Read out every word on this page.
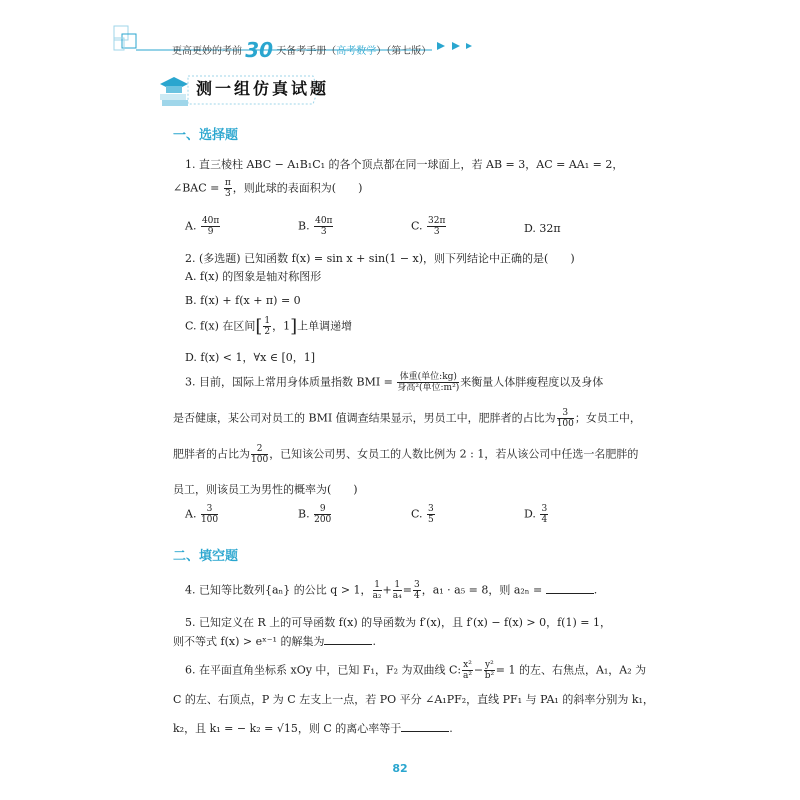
更高更妙的考前 30 天备考手册（高考数学）（第七版）
测一组仿真试题
一、选择题
1. 直三棱柱 ABC − A₁B₁C₁ 的各个顶点都在同一球面上，若 AB = 3，AC = AA₁ = 2，
∠BAC = $\frac{\pi}{3}$ ，则此球的表面积为(　　)
A. $\frac{40\pi}{9}$	B. $\frac{40\pi}{3}$	C. $\frac{32\pi}{3}$	D. 32π
2. (多选题) 已知函数 f(x) = sin x + sin(1 − x)，则下列结论中正确的是(　　)
A. f(x) 的图象是轴对称图形
B. f(x) + f(x + π) = 0
C. f(x) 在区间[ $\frac{1}{2}$ ，1]上单调递增
D. f(x) < 1，∀x ∈ [0，1]
3. 目前，国际上常用身体质量指数 BMI = 体重(单位:kg)
身高²(单位:m²) 来衡量人体胖瘦程度以及身体
是否健康，某公司对员工的 BMI 值调查结果显示，男员工中，肥胖者的占比为 $\frac{3}{100}$ ；女员工中，
肥胖者的占比为 $\frac{2}{100}$ ，已知该公司男、女员工的人数比例为 2 : 1，若从该公司中任选一名肥胖的
员工，则该员工为男性的概率为(　　)
A. $\frac{3}{100}$	B. $\frac{9}{200}$	C. $\frac{3}{5}$	D. $\frac{3}{4}$
二、填空题
4. 已知等比数列{aₙ} 的公比 q > 1， $\frac{1}{\text{a₂}} + \frac{1}{\text{a₄}} = \frac{3}{4}$ ，a₁ · a₅ = 8，则 a₂ₙ =	.
5. 已知定义在 R 上的可导函数 f(x) 的导函数为 f′(x)，且 f′(x) − f(x) > 0，f(1) = 1，
则不等式 f(x) > eˣ⁻¹ 的解集为	.
6. 在平面直角坐标系 xOy 中，已知 F₁，F₂ 为双曲线 C: $\frac{\text{x²}}{\text{a²}} - \frac{\text{y²}}{\text{b²}} = 1$ 的左、右焦点，A₁，A₂ 为
C 的左、右顶点，P 为 C 左支上一点，若 PO 平分 ∠A₁PF₂，直线 PF₁ 与 PA₁ 的斜率分别为 k₁，
k₂，且 k₁ = − k₂ = √15，则 C 的离心率等于	.
82
